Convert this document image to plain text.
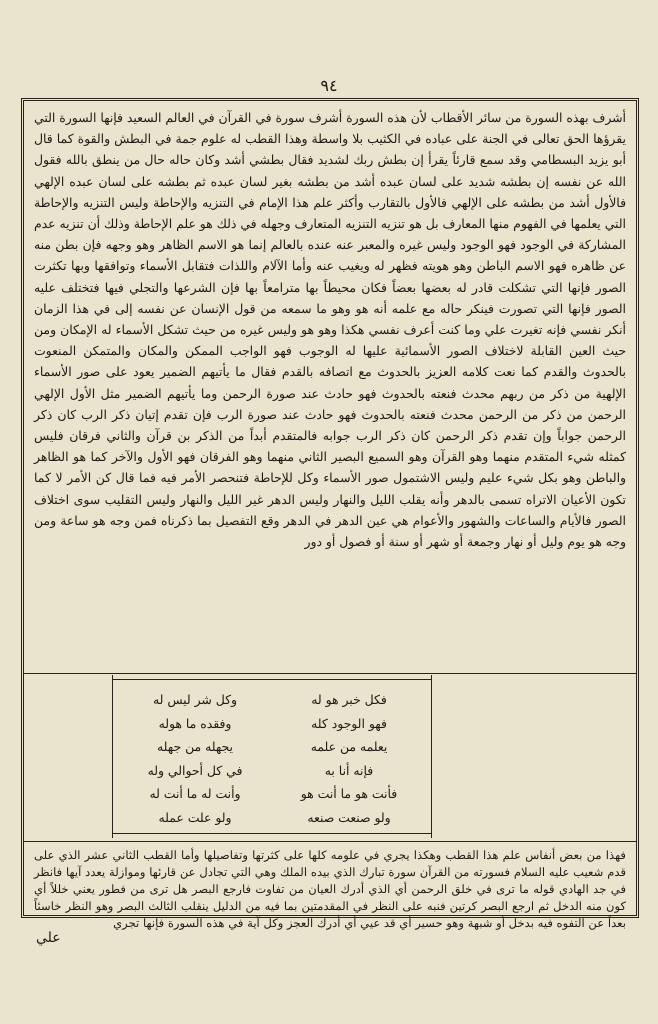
٩٤
أشرف بهذه السورة من سائر الأقطاب لأن هذه السورة أشرف سورة في القرآن في العالم السعيد فإنها السورة التي يقرؤها الحق تعالى في الجنة على عباده في الكثيب بلا واسطة وهذا القطب له علوم جمة في البطش والقوة كما قال أبو يزيد البسطامي وقد سمع قارئاً يقرأ إن بطش ربك لشديد فقال بطشي أشد وكان حاله حال من ينطق بالله فقول الله عن نفسه إن بطشه شديد على لسان عبده أشد من بطشه بغير لسان عبده ثم بطشه على لسان عبده الإلهي فالأول أشد من بطشه على الإلهي فالأول بالتقارب وأكثر علم هذا الإمام في التنزيه والإحاطة وليس التنزيه والإحاطة التي يعلمها في الفهوم منها المعارف بل هو تنزيه التنزيه المتعارف وجهله في ذلك هو علم الإحاطة وذلك أن تنزيه عدم المشاركة في الوجود فهو الوجود وليس غيره والمعبر عنه عنده بالعالم إنما هو الاسم الظاهر وهو وجهه فإن بطن منه عن ظاهره فهو الاسم الباطن وهو هويته فظهر له ويغيب عنه وأما الآلام واللذات فتقابل الأسماء وتوافقها وبها تكثرت الصور فإنها التي تشكلت قادر له بعضها بعضاً فكان محيطاً بها مترامعاً بها فإن الشرعها والتجلي فيها فتختلف عليه الصور فإنها التي تصورت فينكر حاله مع علمه أنه هو وهو ما سمعه من قول الإنسان عن نفسه إلى في هذا الزمان أنكر نفسي فإنه تغيرت علي وما كنت أعرف نفسي هكذا وهو هو وليس غيره من حيث تشكل الأسماء له الإمكان ومن حيث العين القابلة لاختلاف الصور الأسمائية عليها له الوجوب فهو الواجب الممكن والمكان والمتمكن المنعوت بالحدوث والقدم كما نعت كلامه العزيز بالحدوث مع اتصافه بالقدم فقال ما يأتيهم الضمير يعود على صور الأسماء الإلهية من ذكر من ربهم محدث فنعته بالحدوث فهو حادث عند صورة الرحمن وما يأتيهم الضمير مثل الأول الإلهي الرحمن من ذكر من الرحمن محدث فنعته بالحدوث فهو حادث عند صورة الرب فإن تقدم إتيان ذكر الرب كان ذكر الرحمن جواباً وإن تقدم ذكر الرحمن كان ذكر الرب جوابه فالمتقدم أبداً من الذكر بن قرآن والثاني فرقان فليس كمثله شيء المتقدم منهما وهو القرآن وهو السميع البصير الثاني منهما وهو الفرقان فهو الأول والآخر كما هو الظاهر والباطن وهو بكل شيء عليم وليس الاشتمول صور الأسماء وكل للإحاطة فتنحصر الأمر فيه فما قال كن الأمر لا كما تكون الأعيان الاتراه تسمى بالدهر وأنه يقلب الليل والنهار وليس الدهر غير الليل والنهار وليس التقليب سوى اختلاف الصور فالأيام والساعات والشهور والأعوام هي عين الدهر في الدهر وقع التفصيل بما ذكرناه فمن وجه هو ساعة ومن وجه هو يوم وليل أو نهار وجمعة أو شهر أو سنة أو فصول أو دور
فكل خبر هو له
فهو الوجود كله
يعلمه من علمه
فإنه أنا به
فأنت هو ما أنت هو
ولو صنعت صنعه
وكل شر ليس له
وفقده ما هوله
يجهله من جهله
في كل أحوالي وله
وأنت له ما أنت له
ولو علت عمله
فهذا من بعض أنفاس علم هذا القطب وهكذا يجري في علومه كلها على كثرتها وتفاصيلها وأما القطب الثاني عشر الذي على قدم شعيب عليه السلام فسورته من القرآن سورة تبارك الذي بيده الملك وهي التي تجادل عن قارئها وموازلة يعدد آيها فانظر في جد الهادي قوله ما ترى في خلق الرحمن أي الذي أدرك العيان من تفاوت فارجع البصر هل ترى من فطور يعني خللاً أي كون منه الدخل ثم ارجع البصر كرتين فنبه على النظر في المقدمتين بما فيه من الدليل ينقلب الثالث البصر وهو النظر خاسئاً بعداً عن التفوه فيه بدخل أو شبهة وهو حسير أي قد عيي أي أدرك العجز وكل آية في هذه السورة فإنها تجري
علي
